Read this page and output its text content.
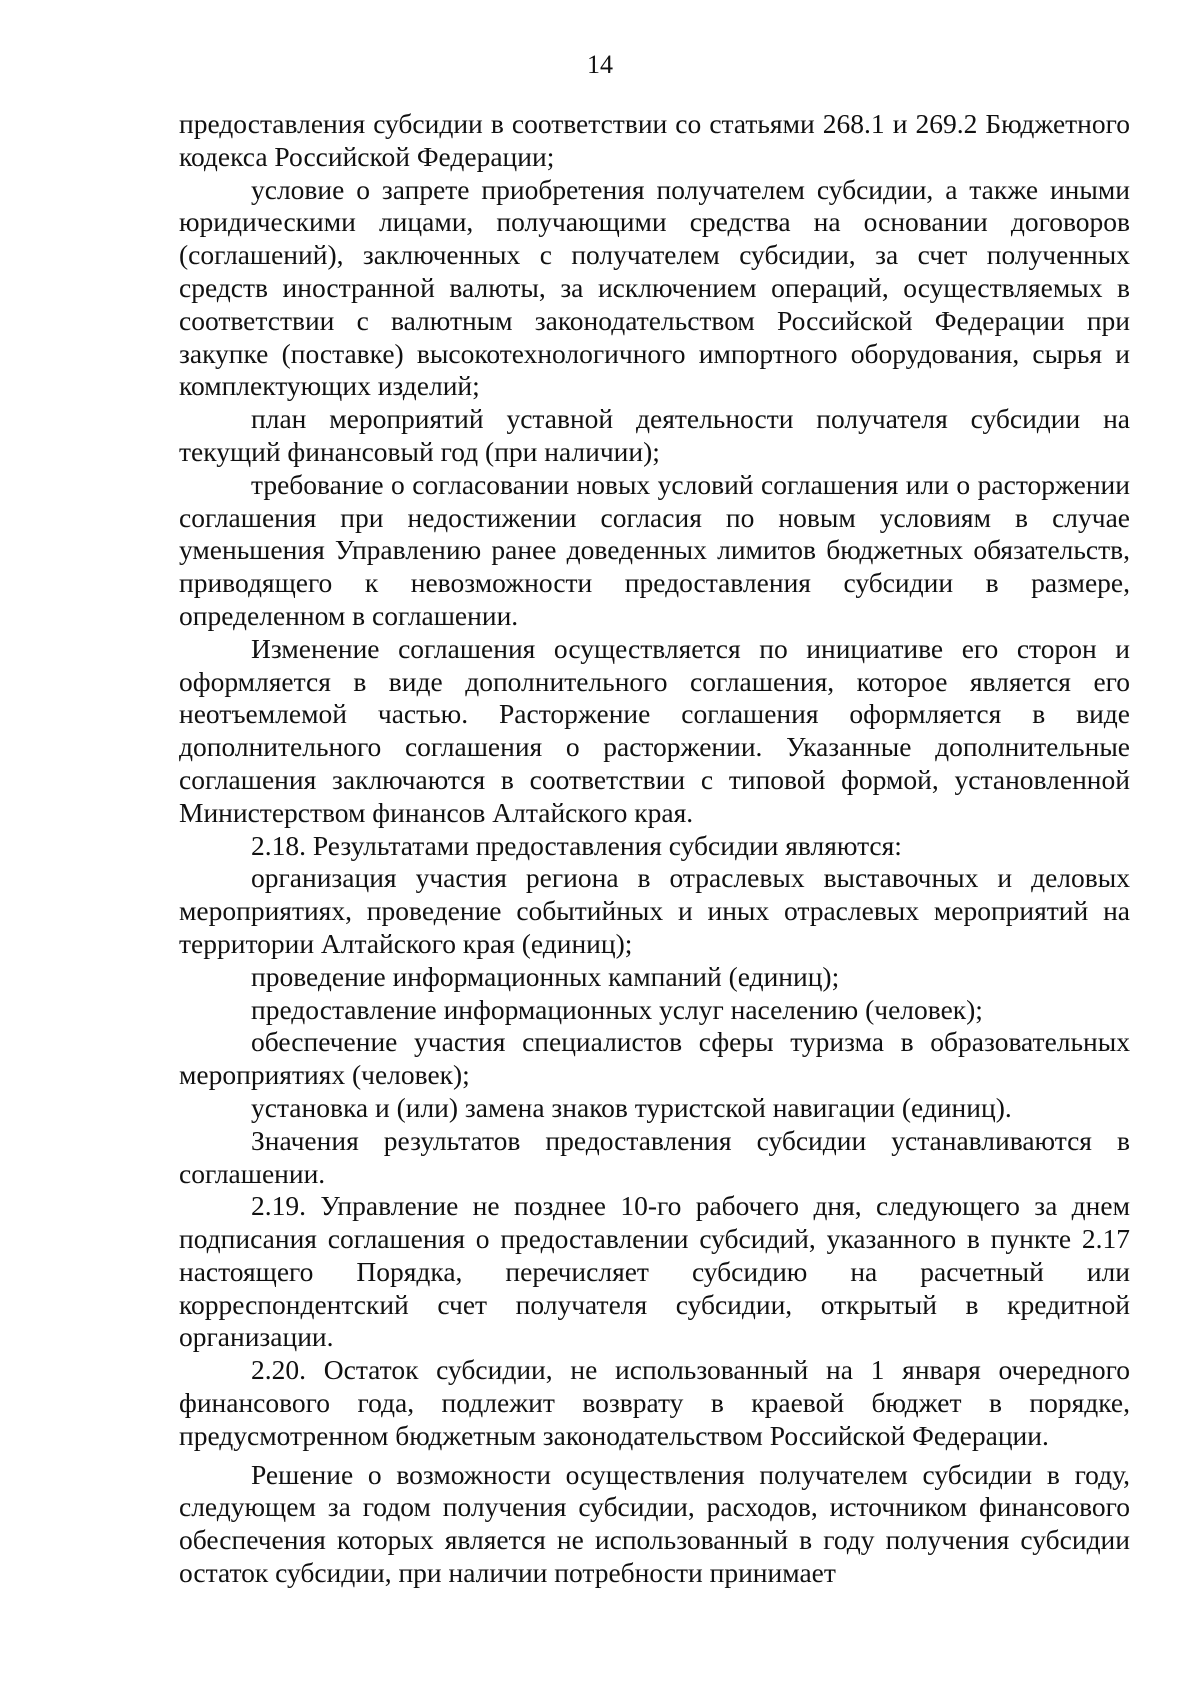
14

предоставления субсидии в соответствии со статьями 268.1 и 269.2 Бюджетного кодекса Российской Федерации;

условие о запрете приобретения получателем субсидии, а также иными юридическими лицами, получающими средства на основании договоров (соглашений), заключенных с получателем субсидии, за счет полученных средств иностранной валюты, за исключением операций, осуществляемых в соответствии с валютным законодательством Российской Федерации при закупке (поставке) высокотехнологичного импортного оборудования, сырья и комплектующих изделий;

план мероприятий уставной деятельности получателя субсидии на текущий финансовый год (при наличии);

требование о согласовании новых условий соглашения или о расторжении соглашения при недостижении согласия по новым условиям в случае уменьшения Управлению ранее доведенных лимитов бюджетных обязательств, приводящего к невозможности предоставления субсидии в размере, определенном в соглашении.

Изменение соглашения осуществляется по инициативе его сторон и оформляется в виде дополнительного соглашения, которое является его неотъемлемой частью. Расторжение соглашения оформляется в виде дополнительного соглашения о расторжении. Указанные дополнительные соглашения заключаются в соответствии с типовой формой, установленной Министерством финансов Алтайского края.

2.18. Результатами предоставления субсидии являются:

организация участия региона в отраслевых выставочных и деловых мероприятиях, проведение событийных и иных отраслевых мероприятий на территории Алтайского края (единиц);

проведение информационных кампаний (единиц);

предоставление информационных услуг населению (человек);

обеспечение участия специалистов сферы туризма в образовательных мероприятиях (человек);

установка и (или) замена знаков туристской навигации (единиц).

Значения результатов предоставления субсидии устанавливаются в соглашении.

2.19. Управление не позднее 10-го рабочего дня, следующего за днем подписания соглашения о предоставлении субсидий, указанного в пункте 2.17 настоящего Порядка, перечисляет субсидию на расчетный или корреспондентский счет получателя субсидии, открытый в кредитной организации.

2.20. Остаток субсидии, не использованный на 1 января очередного финансового года, подлежит возврату в краевой бюджет в порядке, предусмотренном бюджетным законодательством Российской Федерации.

Решение о возможности осуществления получателем субсидии в году, следующем за годом получения субсидии, расходов, источником финансового обеспечения которых является не использованный в году получения субсидии остаток субсидии, при наличии потребности принимает
